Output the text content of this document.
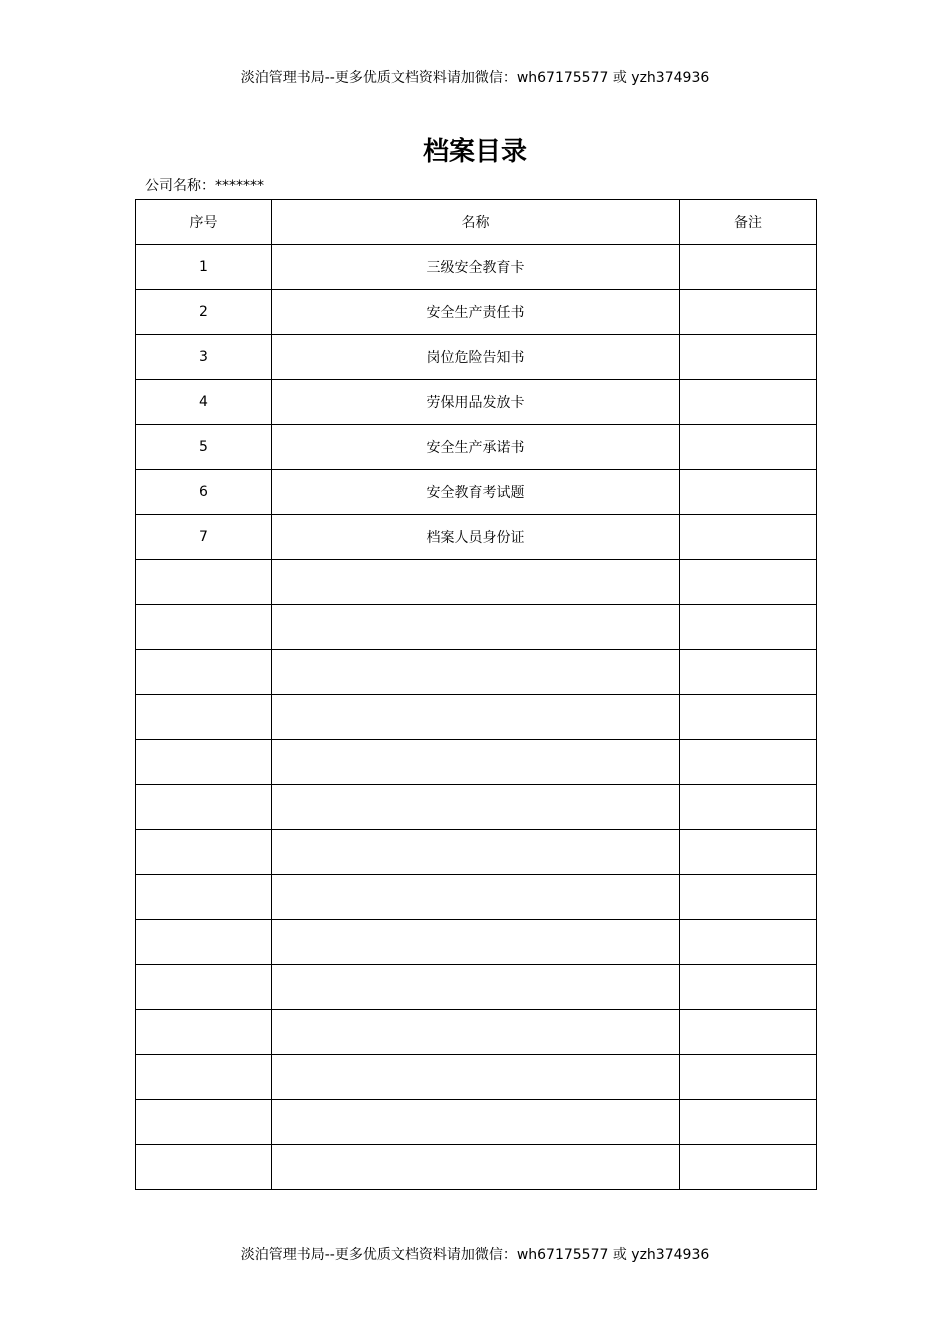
淡泊管理书局--更多优质文档资料请加微信：wh67175577 或 yzh374936
档案目录
公司名称：*******
序号	名称	备注
1	三级安全教育卡	
2	安全生产责任书	
3	岗位危险告知书	
4	劳保用品发放卡	
5	安全生产承诺书	
6	安全教育考试题	
7	档案人员身份证	

淡泊管理书局--更多优质文档资料请加微信：wh67175577 或 yzh374936
